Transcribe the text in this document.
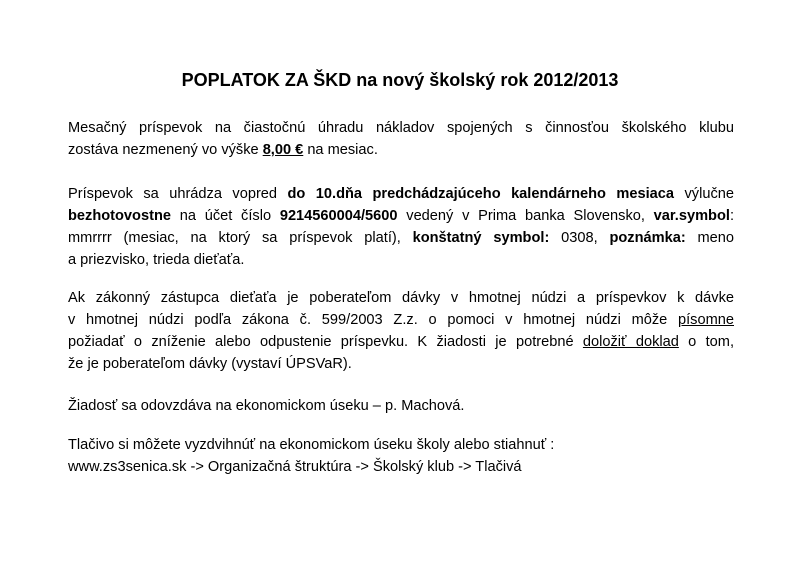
POPLATOK ZA ŠKD na nový školský rok 2012/2013
Mesačný príspevok na čiastočnú úhradu nákladov spojených s činnosťou školského klubu
zostáva nezmenený vo výške 8,00 € na mesiac.
Príspevok sa uhrádza vopred do 10.dňa predchádzajúceho kalendárneho mesiaca výlučne
bezhotovostne na účet číslo 9214560004/5600 vedený v Prima banka Slovensko, var.symbol:
mmrrrr (mesiac, na ktorý sa príspevok platí), konštatný symbol: 0308, poznámka: meno
a priezvisko, trieda dieťaťa.
Ak zákonný zástupca dieťaťa je poberateľom dávky v hmotnej núdzi a príspevkov k dávke
v hmotnej núdzi podľa zákona č. 599/2003 Z.z. o pomoci v hmotnej núdzi môže písomne
požiadať o zníženie alebo odpustenie príspevku. K žiadosti je potrebné doložiť doklad o tom,
že je poberateľom dávky (vystaví ÚPSVaR).
Žiadosť sa odovzdáva na ekonomickom úseku – p. Machová.
Tlačivo si môžete vyzdvihnúť na ekonomickom úseku školy alebo stiahnuť :
www.zs3senica.sk -> Organizačná štruktúra -> Školský klub -> Tlačivá
